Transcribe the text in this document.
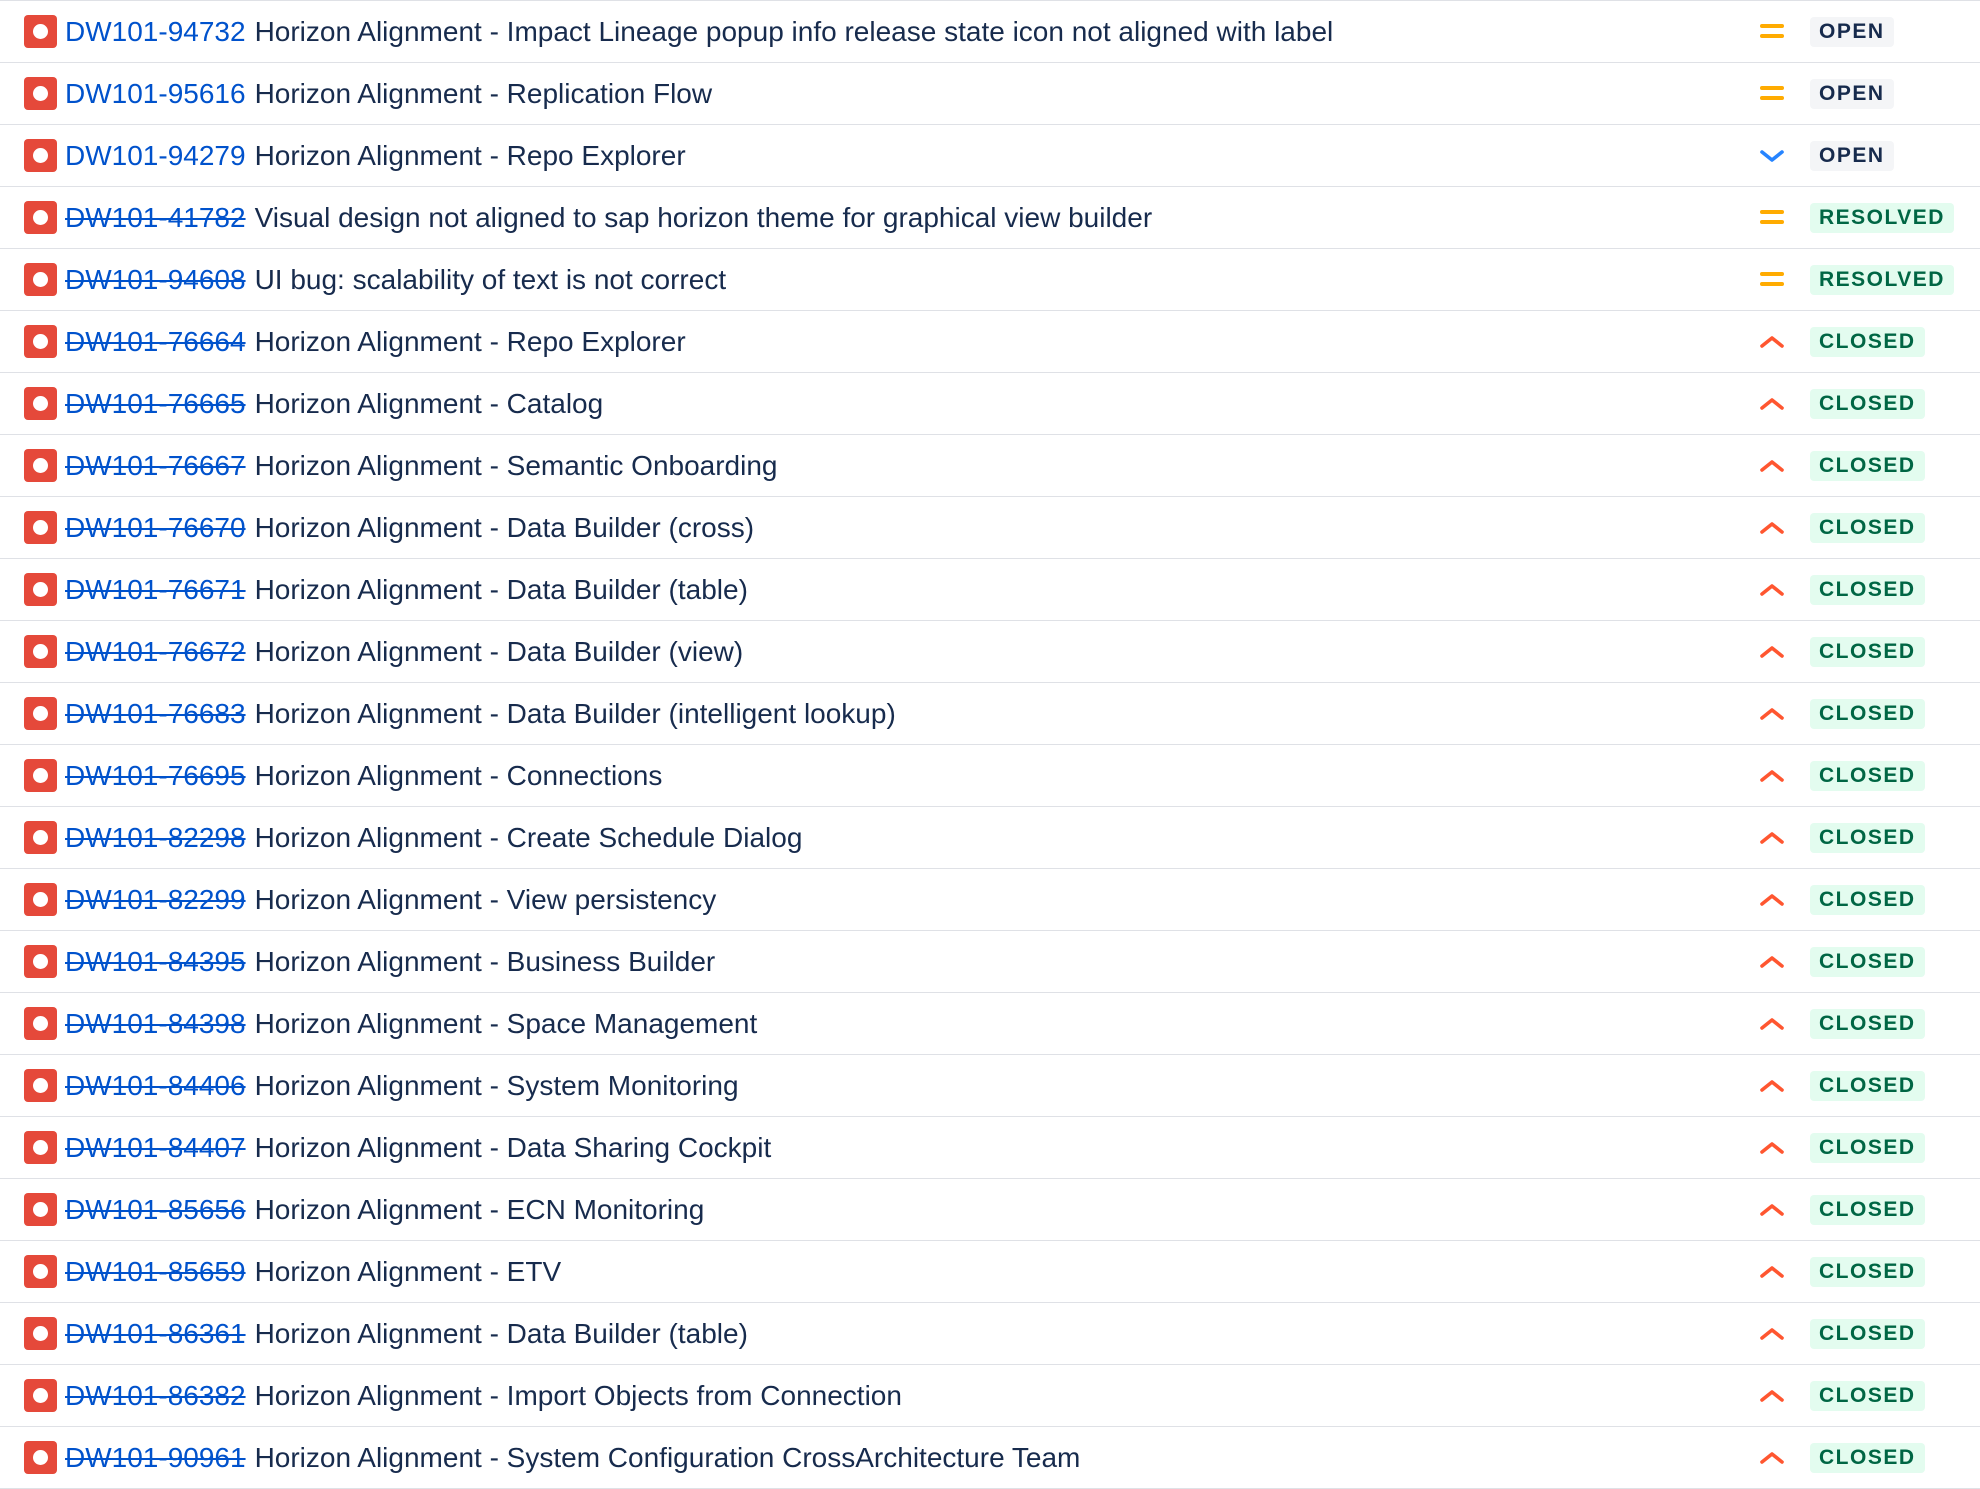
DW101-94732 Horizon Alignment - Impact Lineage popup info release state icon not aligned with label	OPEN
DW101-95616 Horizon Alignment - Replication Flow	OPEN
DW101-94279 Horizon Alignment - Repo Explorer	OPEN
DW101-41782 Visual design not aligned to sap horizon theme for graphical view builder	RESOLVED
DW101-94608 UI bug: scalability of text is not correct	RESOLVED
DW101-76664 Horizon Alignment - Repo Explorer	CLOSED
DW101-76665 Horizon Alignment - Catalog	CLOSED
DW101-76667 Horizon Alignment - Semantic Onboarding	CLOSED
DW101-76670 Horizon Alignment - Data Builder (cross)	CLOSED
DW101-76671 Horizon Alignment - Data Builder (table)	CLOSED
DW101-76672 Horizon Alignment - Data Builder (view)	CLOSED
DW101-76683 Horizon Alignment - Data Builder (intelligent lookup)	CLOSED
DW101-76695 Horizon Alignment - Connections	CLOSED
DW101-82298 Horizon Alignment - Create Schedule Dialog	CLOSED
DW101-82299 Horizon Alignment - View persistency	CLOSED
DW101-84395 Horizon Alignment - Business Builder	CLOSED
DW101-84398 Horizon Alignment - Space Management	CLOSED
DW101-84406 Horizon Alignment - System Monitoring	CLOSED
DW101-84407 Horizon Alignment - Data Sharing Cockpit	CLOSED
DW101-85656 Horizon Alignment - ECN Monitoring	CLOSED
DW101-85659 Horizon Alignment - ETV	CLOSED
DW101-86361 Horizon Alignment - Data Builder (table)	CLOSED
DW101-86382 Horizon Alignment - Import Objects from Connection	CLOSED
DW101-90961 Horizon Alignment - System Configuration CrossArchitecture Team	CLOSED
